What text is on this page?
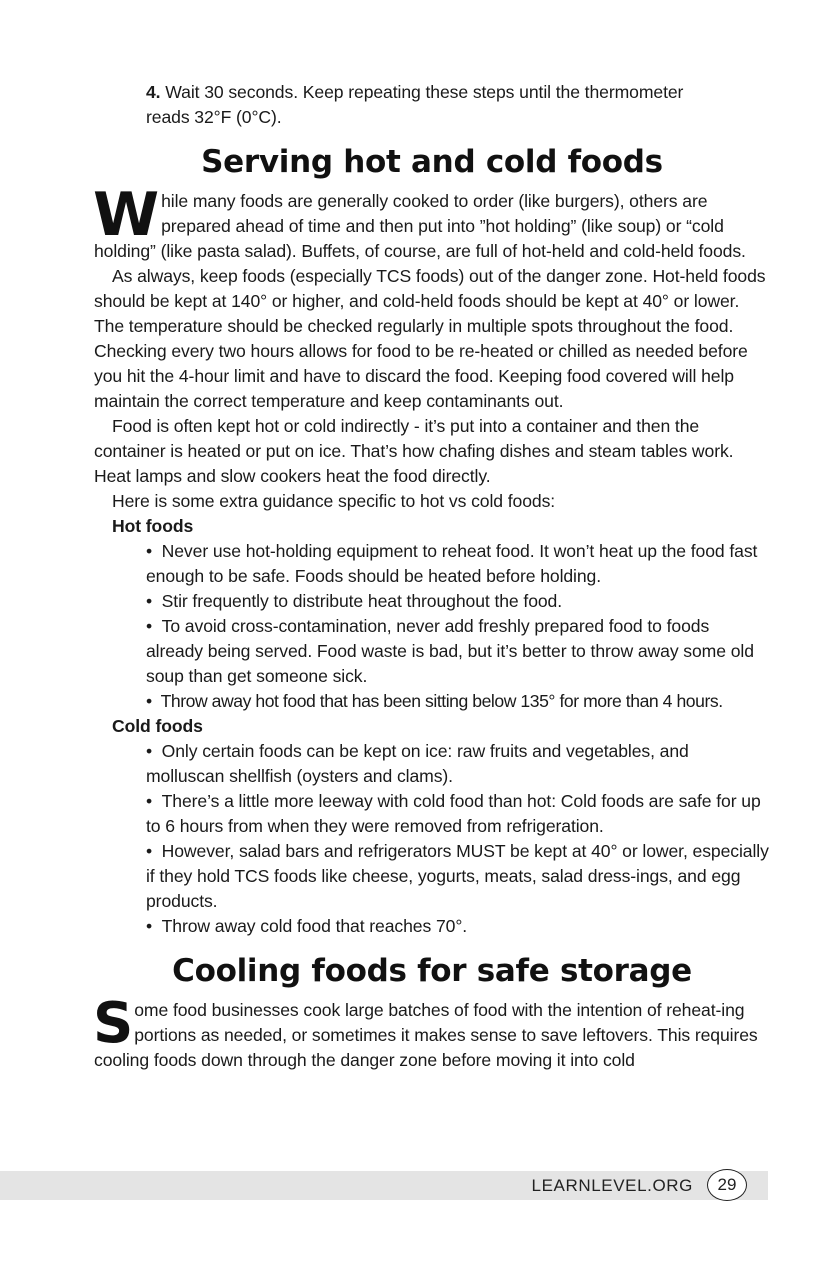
4. Wait 30 seconds. Keep repeating these steps until the thermometer
reads 32°F (0°C).

Serving hot and cold foods

While many foods are generally cooked to order (like burgers), others are prepared ahead of time and then put into ”hot holding” (like soup) or “cold holding” (like pasta salad). Buffets, of course, are full of hot-held and cold-held foods.

As always, keep foods (especially TCS foods) out of the danger zone. Hot-held foods should be kept at 140° or higher, and cold-held foods should be kept at 40° or lower. The temperature should be checked regularly in multiple spots throughout the food. Checking every two hours allows for food to be re-heated or chilled as needed before you hit the 4-hour limit and have to discard the food. Keeping food covered will help maintain the correct temperature and keep contaminants out.

Food is often kept hot or cold indirectly - it’s put into a container and then the container is heated or put on ice. That’s how chafing dishes and steam tables work. Heat lamps and slow cookers heat the food directly.

Here is some extra guidance specific to hot vs cold foods:

Hot foods

•  Never use hot-holding equipment to reheat food. It won’t heat up the food fast enough to be safe. Foods should be heated before holding.
•  Stir frequently to distribute heat throughout the food.
•  To avoid cross-contamination, never add freshly prepared food to foods already being served. Food waste is bad, but it’s better to throw away some old soup than get someone sick.
•  Throw away hot food that has been sitting below 135° for more than 4 hours.

Cold foods

•  Only certain foods can be kept on ice: raw fruits and vegetables, and molluscan shellfish (oysters and clams).
•  There’s a little more leeway with cold food than hot: Cold foods are safe for up to 6 hours from when they were removed from refrigeration.
•  However, salad bars and refrigerators MUST be kept at 40° or lower, especially if they hold TCS foods like cheese, yogurts, meats, salad dress-ings, and egg products.
•  Throw away cold food that reaches 70°.
Cooling foods for safe storage

Some food businesses cook large batches of food with the intention of reheat-ing portions as needed, or sometimes it makes sense to save leftovers. This requires cooling foods down through the danger zone before moving it into cold

LEARNLEVEL.ORG	29
